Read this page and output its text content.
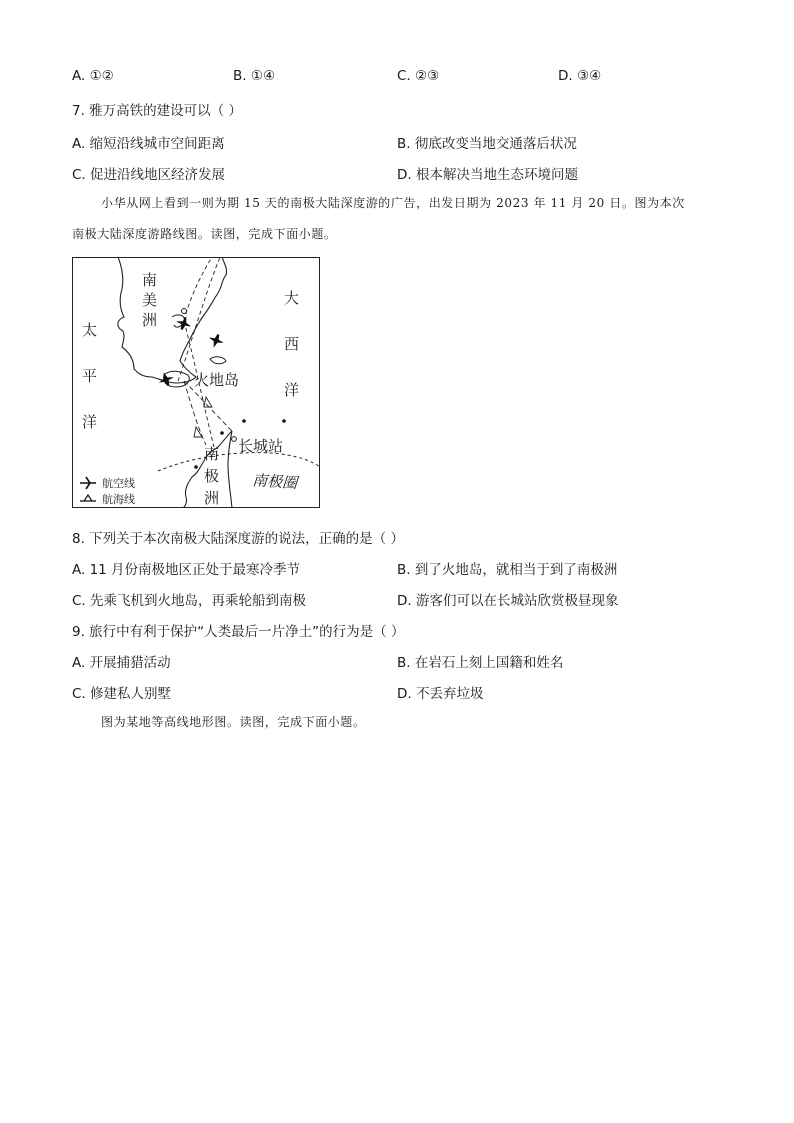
A. ①②	B. ①④	C. ②③	D. ③④
7. 雅万高铁的建设可以（ ）
A. 缩短沿线城市空间距离	B. 彻底改变当地交通落后状况
C. 促进沿线地区经济发展	D. 根本解决当地生态环境问题
小华从网上看到一则为期 15 天的南极大陆深度游的广告，出发日期为 2023 年 11 月 20 日。图为本次
南极大陆深度游路线图。读图，完成下面小题。
南
美
洲
太
平
洋
大
西
洋
火地岛
长城站
南
极
洲
南极圈
航空线
航海线
8. 下列关于本次南极大陆深度游的说法，正确的是（ ）
A. 11 月份南极地区正处于最寒冷季节	B. 到了火地岛，就相当于到了南极洲
C. 先乘飞机到火地岛，再乘轮船到南极	D. 游客们可以在长城站欣赏极昼现象
9. 旅行中有利于保护“人类最后一片净土”的行为是（ ）
A. 开展捕猎活动	B. 在岩石上刻上国籍和姓名
C. 修建私人别墅	D. 不丢弃垃圾
图为某地等高线地形图。读图，完成下面小题。
